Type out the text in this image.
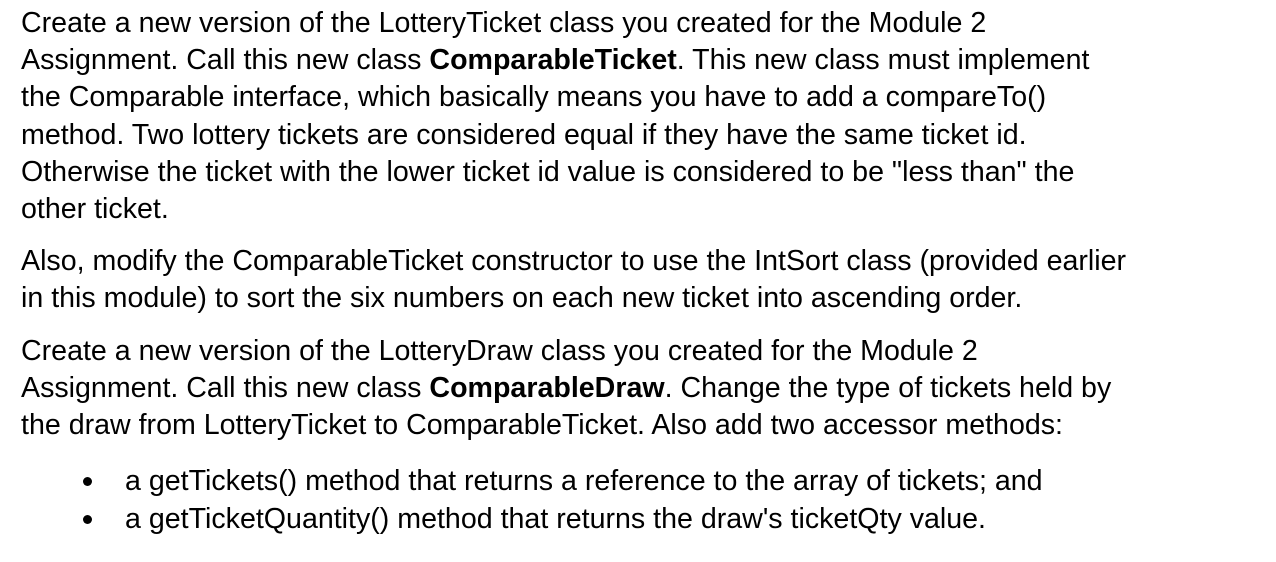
Create a new version of the LotteryTicket class you created for the Module 2
Assignment. Call this new class ComparableTicket. This new class must implement
the Comparable interface, which basically means you have to add a compareTo()
method. Two lottery tickets are considered equal if they have the same ticket id.
Otherwise the ticket with the lower ticket id value is considered to be "less than" the
other ticket.

Also, modify the ComparableTicket constructor to use the IntSort class (provided earlier
in this module) to sort the six numbers on each new ticket into ascending order.

Create a new version of the LotteryDraw class you created for the Module 2
Assignment. Call this new class ComparableDraw. Change the type of tickets held by
the draw from LotteryTicket to ComparableTicket. Also add two accessor methods:

a getTickets() method that returns a reference to the array of tickets; and
a getTicketQuantity() method that returns the draw's ticketQty value.
